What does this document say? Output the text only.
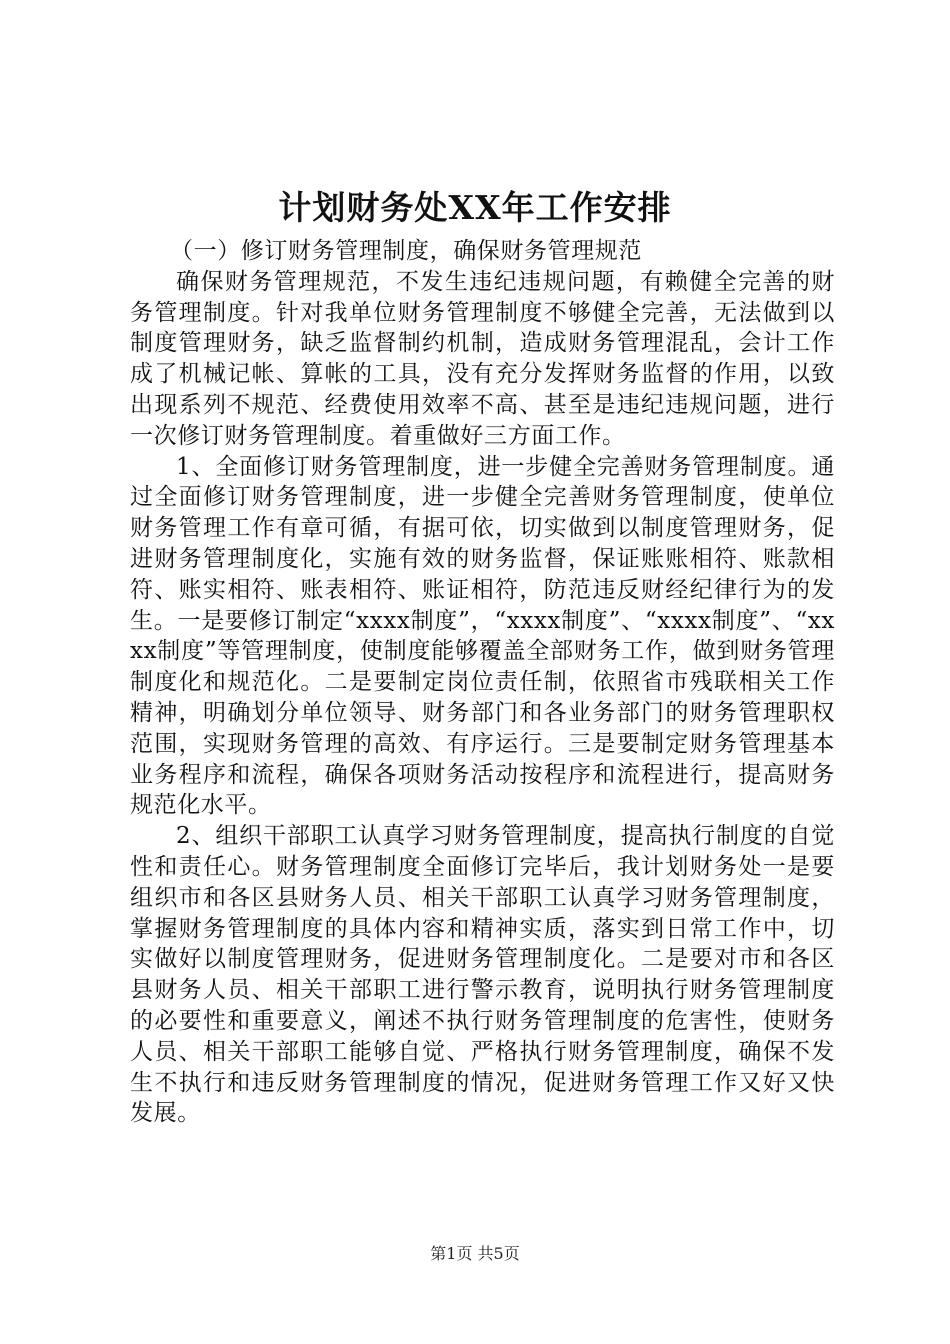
计划财务处XX年工作安排

（一）修订财务管理制度，确保财务管理规范

确保财务管理规范，不发生违纪违规问题，有赖健全完善的财务管理制度。针对我单位财务管理制度不够健全完善，无法做到以制度管理财务，缺乏监督制约机制，造成财务管理混乱，会计工作成了机械记帐、算帐的工具，没有充分发挥财务监督的作用，以致出现系列不规范、经费使用效率不高、甚至是违纪违规问题，进行一次修订财务管理制度。着重做好三方面工作。

1、全面修订财务管理制度，进一步健全完善财务管理制度。通过全面修订财务管理制度，进一步健全完善财务管理制度，使单位财务管理工作有章可循，有据可依，切实做到以制度管理财务，促进财务管理制度化，实施有效的财务监督，保证账账相符、账款相符、账实相符、账表相符、账证相符，防范违反财经纪律行为的发生。一是要修订制定“xxxx制度”，“xxxx制度”、“xxxx制度”、“xxxx制度”等管理制度，使制度能够覆盖全部财务工作，做到财务管理制度化和规范化。二是要制定岗位责任制，依照省市残联相关工作精神，明确划分单位领导、财务部门和各业务部门的财务管理职权范围，实现财务管理的高效、有序运行。三是要制定财务管理基本业务程序和流程，确保各项财务活动按程序和流程进行，提高财务规范化水平。

2、组织干部职工认真学习财务管理制度，提高执行制度的自觉性和责任心。财务管理制度全面修订完毕后，我计划财务处一是要组织市和各区县财务人员、相关干部职工认真学习财务管理制度，掌握财务管理制度的具体内容和精神实质，落实到日常工作中，切实做好以制度管理财务，促进财务管理制度化。二是要对市和各区县财务人员、相关干部职工进行警示教育，说明执行财务管理制度的必要性和重要意义，阐述不执行财务管理制度的危害性，使财务人员、相关干部职工能够自觉、严格执行财务管理制度，确保不发生不执行和违反财务管理制度的情况，促进财务管理工作又好又快发展。

第1页 共5页
